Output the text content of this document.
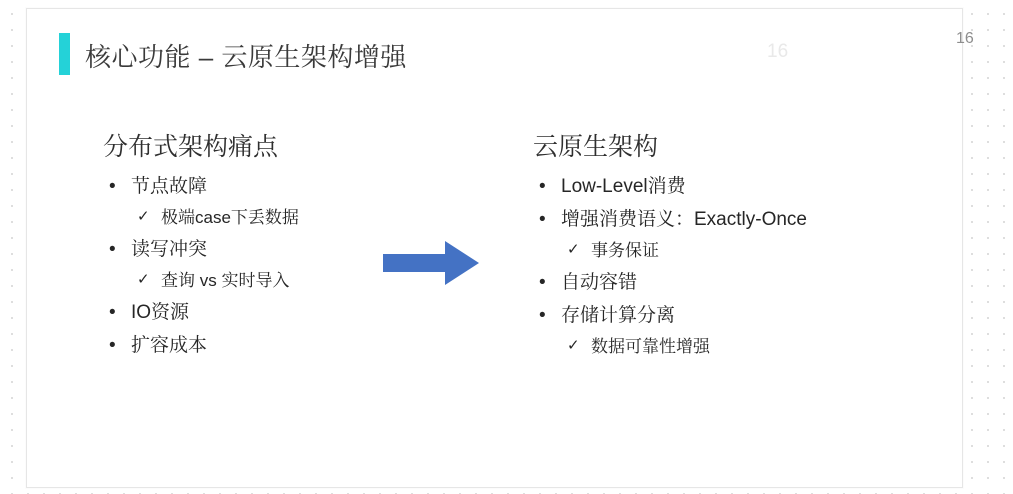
核心功能 – 云原生架构增强	16
分布式架构痛点
• 节点故障
✓ 极端case下丢数据
• 读写冲突
✓ 查询 vs 实时导入
• IO资源
• 扩容成本
云原生架构
• Low-Level消费
• 增强消费语义：Exactly-Once
✓ 事务保证
• 自动容错
• 存储计算分离
✓ 数据可靠性增强
16
